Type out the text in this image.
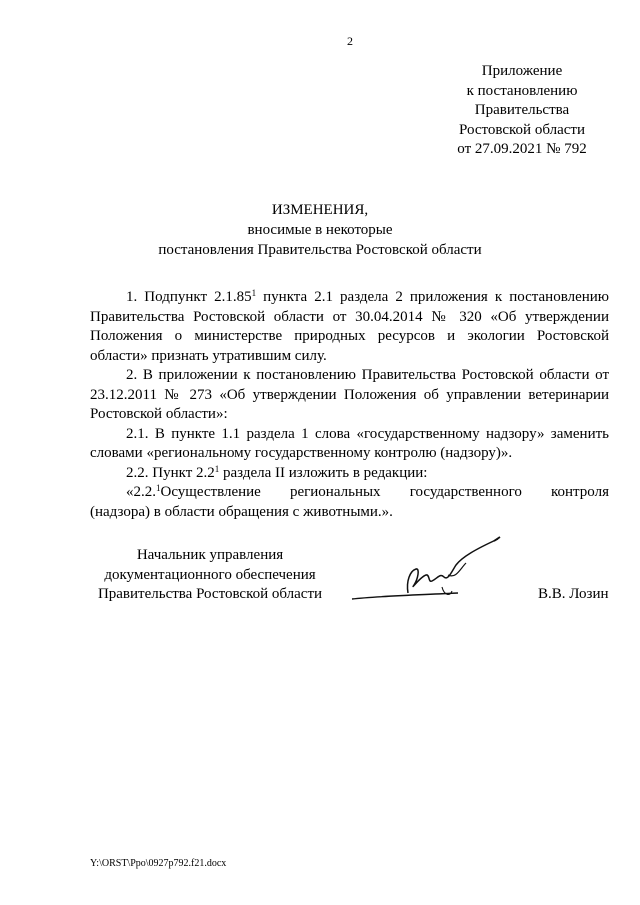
2
Приложение
к постановлению
Правительства
Ростовской области
от 27.09.2021 № 792
ИЗМЕНЕНИЯ,
вносимые в некоторые
постановления Правительства Ростовской области

1. Подпункт 2.1.85$^1$ пункта 2.1 раздела 2 приложения к постановлению Правительства Ростовской области от 30.04.2014 № 320 «Об утверждении Положения о министерстве природных ресурсов и экологии Ростовской области» признать утратившим силу.

2. В приложении к постановлению Правительства Ростовской области от 23.12.2011 № 273 «Об утверждении Положения об управлении ветеринарии Ростовской области»:

2.1. В пункте 1.1 раздела 1 слова «государственному надзору» заменить словами «региональному государственному контролю (надзору)».

2.2. Пункт $2.2^1$ раздела II изложить в редакции:

«2.2.$^1$Осуществление региональных государственного контроля

(надзора) в области обращения с животными.».

Начальник управления
документационного обеспечения
Правительства Ростовской области	В.В. Лозин
Y:\ORST\Ppo\0927p792.f21.docx
